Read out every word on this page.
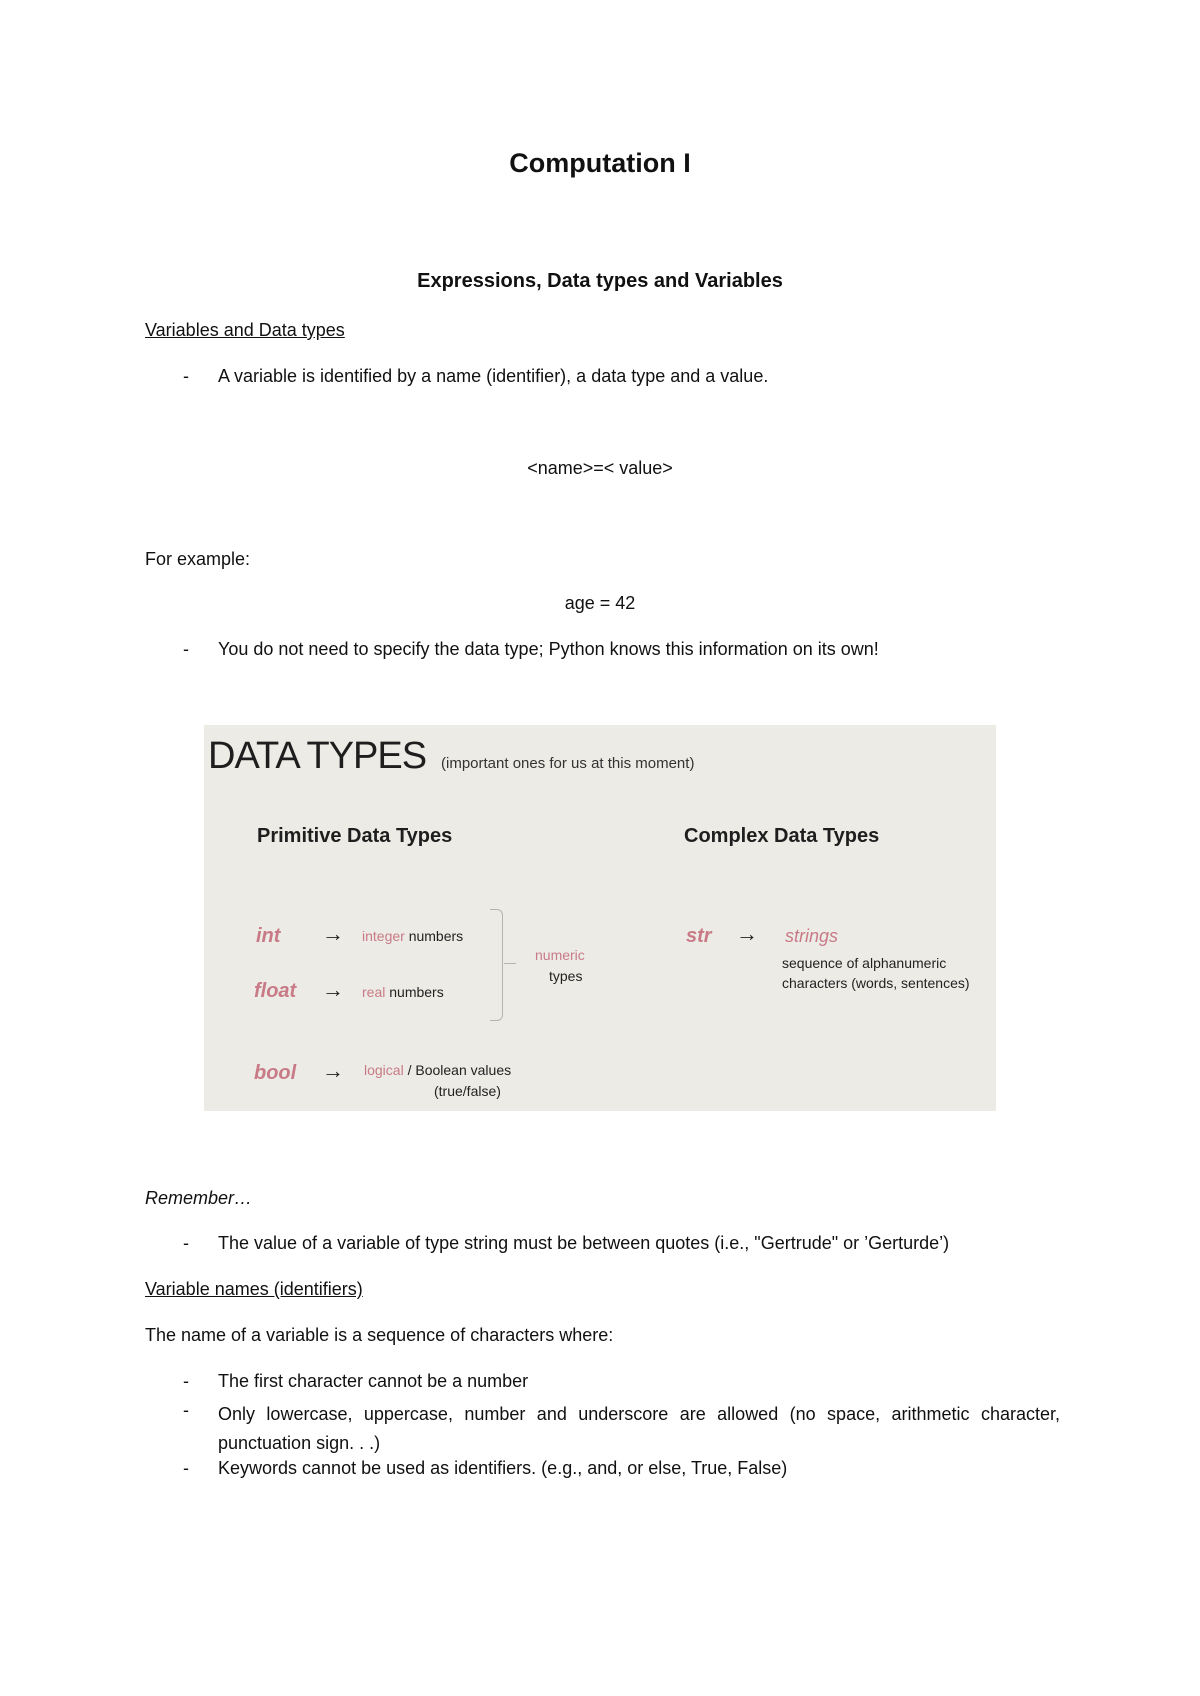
Computation I
Expressions, Data types and Variables
Variables and Data types
- A variable is identified by a name (identifier), a data type and a value.
<name>=< value>
For example:
age = 42
- You do not need to specify the data type; Python knows this information on its own!
DATA TYPES (important ones for us at this moment)
Primitive Data Types	Complex Data Types
int → integer numbers
float → real numbers
numeric
types
bool → logical / Boolean values
(true/false)
str → strings
sequence of alphanumeric
characters (words, sentences)
Remember…
- The value of a variable of type string must be between quotes (i.e., "Gertrude" or ’Gerturde’)
Variable names (identifiers)
The name of a variable is a sequence of characters where:
- The first character cannot be a number
- Only lowercase, uppercase, number and underscore are allowed (no space, arithmetic character, punctuation sign. . .)
- Keywords cannot be used as identifiers. (e.g., and, or else, True, False)
